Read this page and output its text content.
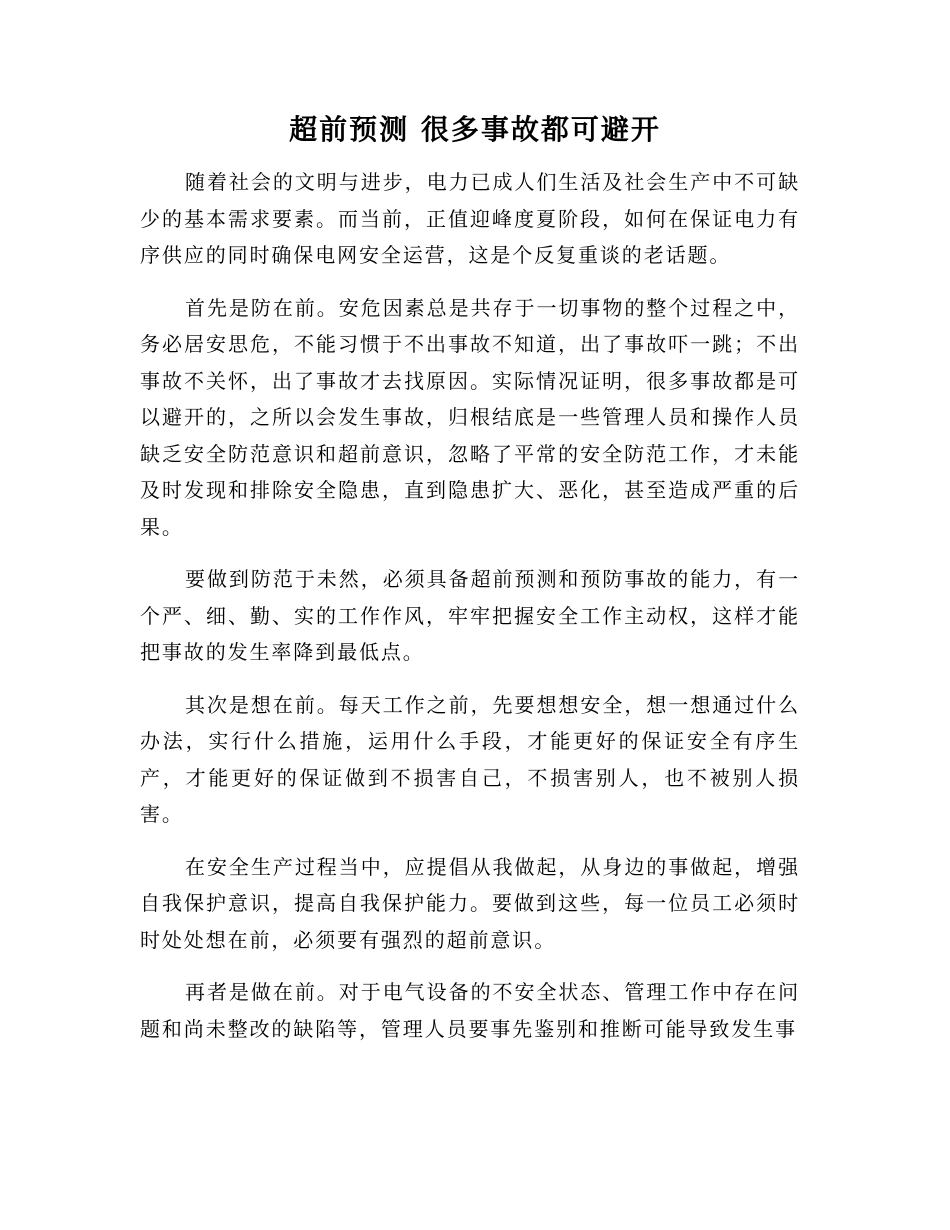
超前预测 很多事故都可避开

随着社会的文明与进步，电力已成人们生活及社会生产中不可缺少的基本需求要素。而当前，正值迎峰度夏阶段，如何在保证电力有序供应的同时确保电网安全运营，这是个反复重谈的老话题。

首先是防在前。安危因素总是共存于一切事物的整个过程之中，务必居安思危，不能习惯于不出事故不知道，出了事故吓一跳；不出事故不关怀，出了事故才去找原因。实际情况证明，很多事故都是可以避开的，之所以会发生事故，归根结底是一些管理人员和操作人员缺乏安全防范意识和超前意识，忽略了平常的安全防范工作，才未能及时发现和排除安全隐患，直到隐患扩大、恶化，甚至造成严重的后果。

要做到防范于未然，必须具备超前预测和预防事故的能力，有一个严、细、勤、实的工作作风，牢牢把握安全工作主动权，这样才能把事故的发生率降到最低点。

其次是想在前。每天工作之前，先要想想安全，想一想通过什么办法，实行什么措施，运用什么手段，才能更好的保证安全有序生产，才能更好的保证做到不损害自己，不损害别人，也不被别人损害。

在安全生产过程当中，应提倡从我做起，从身边的事做起，增强自我保护意识，提高自我保护能力。要做到这些，每一位员工必须时时处处想在前，必须要有强烈的超前意识。

再者是做在前。对于电气设备的不安全状态、管理工作中存在问题和尚未整改的缺陷等，管理人员要事先鉴别和推断可能导致发生事
